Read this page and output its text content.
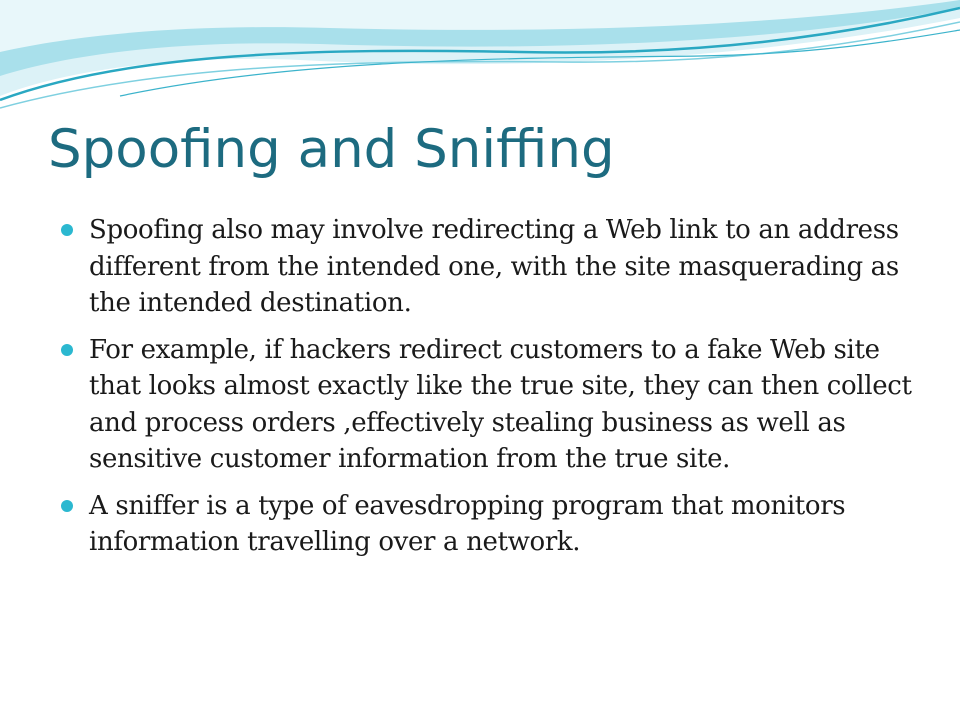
Spoofing and Sniffing
Spoofing also may involve redirecting a Web link to an address different from the intended one, with the site masquerading as the intended destination.
For example, if hackers redirect customers to a fake Web site that looks almost exactly like the true site, they can then collect and process orders ,effectively stealing business as well as sensitive customer information from the true site.
A sniffer is a type of eavesdropping program that monitors information travelling over a network.
